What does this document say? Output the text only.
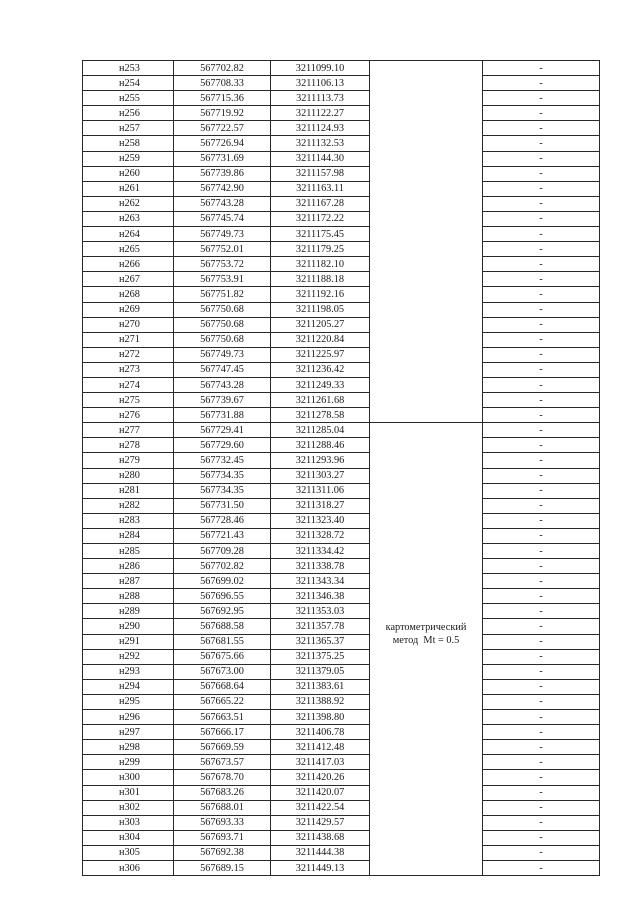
н253	567702.82	3211099.10		-
н254	567708.33	3211106.13		-
н255	567715.36	3211113.73		-
н256	567719.92	3211122.27		-
н257	567722.57	3211124.93		-
н258	567726.94	3211132.53		-
н259	567731.69	3211144.30		-
н260	567739.86	3211157.98		-
н261	567742.90	3211163.11		-
н262	567743.28	3211167.28		-
н263	567745.74	3211172.22		-
н264	567749.73	3211175.45		-
н265	567752.01	3211179.25		-
н266	567753.72	3211182.10		-
н267	567753.91	3211188.18		-
н268	567751.82	3211192.16		-
н269	567750.68	3211198.05		-
н270	567750.68	3211205.27		-
н271	567750.68	3211220.84		-
н272	567749.73	3211225.97		-
н273	567747.45	3211236.42		-
н274	567743.28	3211249.33		-
н275	567739.67	3211261.68		-
н276	567731.88	3211278.58		-
н277	567729.41	3211285.04	картометрический
метод  Mt = 0.5	-
н278	567729.60	3211288.46		-
н279	567732.45	3211293.96		-
н280	567734.35	3211303.27		-
н281	567734.35	3211311.06		-
н282	567731.50	3211318.27		-
н283	567728.46	3211323.40		-
н284	567721.43	3211328.72		-
н285	567709.28	3211334.42		-
н286	567702.82	3211338.78		-
н287	567699.02	3211343.34		-
н288	567696.55	3211346.38		-
н289	567692.95	3211353.03		-
н290	567688.58	3211357.78		-
н291	567681.55	3211365.37		-
н292	567675.66	3211375.25		-
н293	567673.00	3211379.05		-
н294	567668.64	3211383.61		-
н295	567665.22	3211388.92		-
н296	567663.51	3211398.80		-
н297	567666.17	3211406.78		-
н298	567669.59	3211412.48		-
н299	567673.57	3211417.03		-
н300	567678.70	3211420.26		-
н301	567683.26	3211420.07		-
н302	567688.01	3211422.54		-
н303	567693.33	3211429.57		-
н304	567693.71	3211438.68		-
н305	567692.38	3211444.38		-
н306	567689.15	3211449.13		-
